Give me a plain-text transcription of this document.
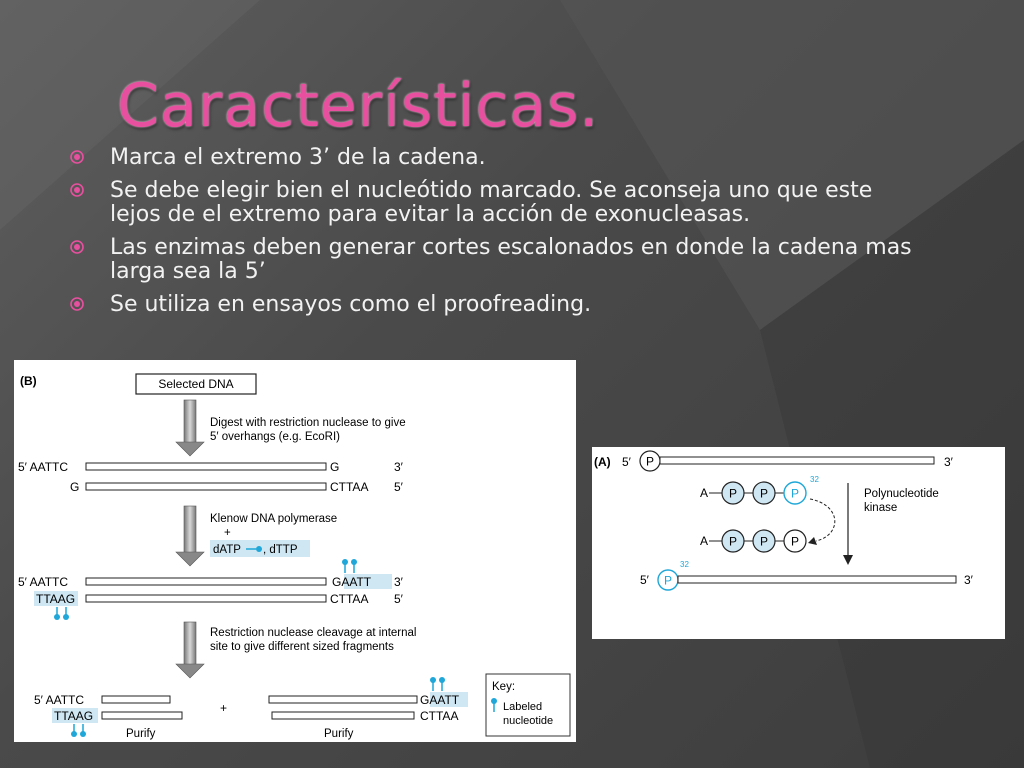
Características.
Marca el extremo 3’ de la cadena.
Se debe elegir bien el nucleótido marcado. Se aconseja uno que este lejos de el extremo para evitar la acción de exonucleasas.
Las enzimas deben generar cortes escalonados en donde la cadena mas larga sea la 5’
Se utiliza en ensayos como el proofreading.
(B)	Selected DNA
Digest with restriction nuclease to give
5′ overhangs (e.g. EcoRI)
5′ AATTC	G	3′
G	CTTAA 5′
Klenow DNA polymerase
+
dATP , dTTP
5′ AATTC	GAATT 3′
TTAAG	CTTAA 5′
Restriction nuclease cleavage at internal
site to give different sized fragments
5′ AATTC
TTAAG
Purify
+
GAATT
CTTAA
Purify
Key:
Labeled
nucleotide
(A) 5′ P	3′
A P P P
32
Polynucleotide
kinase
A P P P
5′ P
32
3′
